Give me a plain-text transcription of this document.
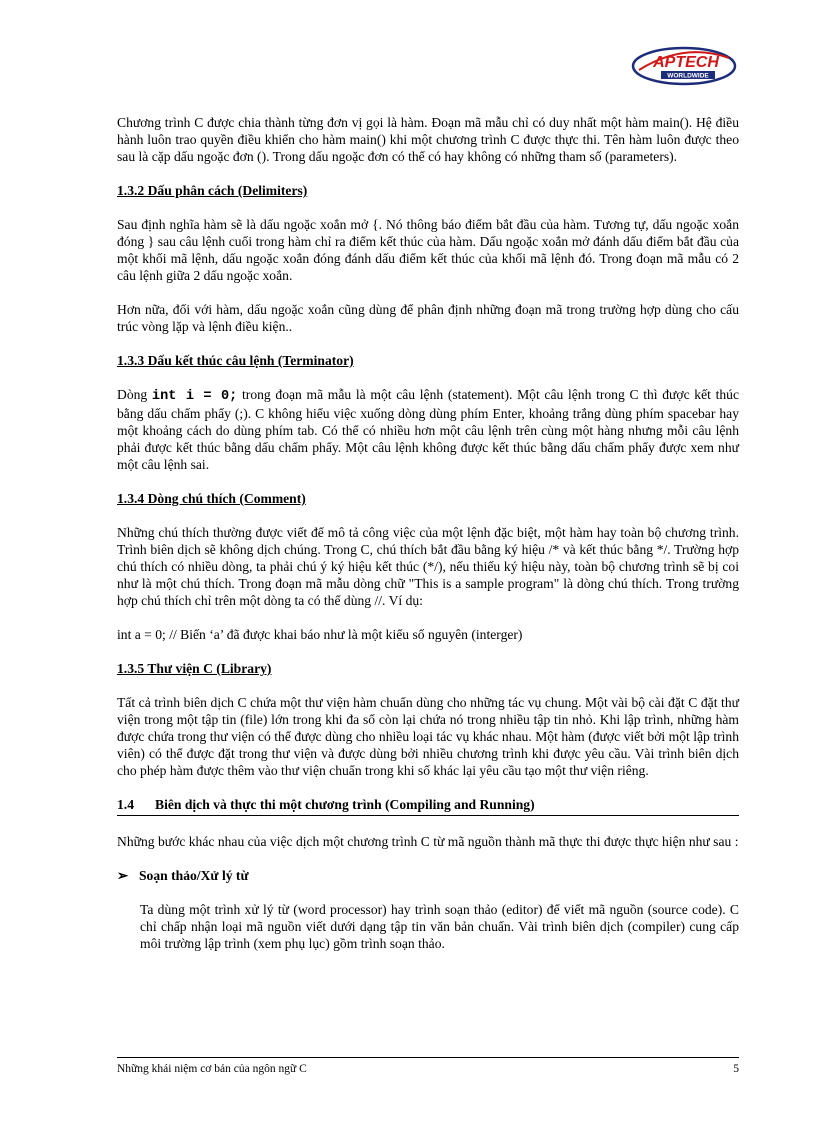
APTECH
WORLDWIDE

Chương trình C được chia thành từng đơn vị gọi là hàm. Đoạn mã mẫu chỉ có duy nhất một hàm main(). Hệ điều hành luôn trao quyền điều khiển cho hàm main() khi một chương trình C được thực thi. Tên hàm luôn được theo sau là cặp dấu ngoặc đơn (). Trong dấu ngoặc đơn có thể có hay không có những tham số (parameters).

1.3.2 Dấu phân cách (Delimiters)

Sau định nghĩa hàm sẽ là dấu ngoặc xoắn mở {. Nó thông báo điểm bắt đầu của hàm. Tương tự, dấu ngoặc xoắn đóng } sau câu lệnh cuối trong hàm chỉ ra điểm kết thúc của hàm. Dấu ngoặc xoắn mở đánh dấu điểm bắt đầu của một khối mã lệnh, dấu ngoặc xoắn đóng đánh dấu điểm kết thúc của khối mã lệnh đó. Trong đoạn mã mẫu có 2 câu lệnh giữa 2 dấu ngoặc xoắn.

Hơn nữa, đối với hàm, dấu ngoặc xoắn cũng dùng để phân định những đoạn mã trong trường hợp dùng cho cấu trúc vòng lặp và lệnh điều kiện..

1.3.3 Dấu kết thúc câu lệnh (Terminator)

Dòng int i = 0; trong đoạn mã mẫu là một câu lệnh (statement). Một câu lệnh trong C thì được kết thúc bằng dấu chấm phẩy (;). C không hiểu việc xuống dòng dùng phím Enter, khoảng trắng dùng phím spacebar hay một khoảng cách do dùng phím tab. Có thể có nhiều hơn một câu lệnh trên cùng một hàng nhưng mỗi câu lệnh phải được kết thúc bằng dấu chấm phẩy. Một câu lệnh không được kết thúc bằng dấu chấm phẩy được xem như một câu lệnh sai.

1.3.4 Dòng chú thích (Comment)

Những chú thích thường được viết để mô tả công việc của một lệnh đặc biệt, một hàm hay toàn bộ chương trình. Trình biên dịch sẽ không dịch chúng. Trong C, chú thích bắt đầu bằng ký hiệu /* và kết thúc bằng */. Trường hợp chú thích có nhiều dòng, ta phải chú ý ký hiệu kết thúc (*/), nếu thiếu ký hiệu này, toàn bộ chương trình sẽ bị coi như là một chú thích. Trong đoạn mã mẫu dòng chữ "This is a sample program" là dòng chú thích. Trong trường hợp chú thích chỉ trên một dòng ta có thể dùng //. Ví dụ:

int a = 0; // Biến ‘a’ đã được khai báo như là một kiểu số nguyên (interger)

1.3.5 Thư viện C (Library)

Tất cả trình biên dịch C chứa một thư viện hàm chuẩn dùng cho những tác vụ chung. Một vài bộ cài đặt C đặt thư viện trong một tập tin (file) lớn trong khi đa số còn lại chứa nó trong nhiều tập tin nhỏ. Khi lập trình, những hàm được chứa trong thư viện có thể được dùng cho nhiều loại tác vụ khác nhau. Một hàm (được viết bởi một lập trình viên) có thể được đặt trong thư viện và được dùng bởi nhiều chương trình khi được yêu cầu. Vài trình biên dịch cho phép hàm được thêm vào thư viện chuẩn trong khi số khác lại yêu cầu tạo một thư viện riêng.

1.4 Biên dịch và thực thi một chương trình (Compiling and Running)

Những bước khác nhau của việc dịch một chương trình C từ mã nguồn thành mã thực thi được thực hiện như sau :

➢ Soạn thảo/Xử lý từ

Ta dùng một trình xử lý từ (word processor) hay trình soạn thảo (editor) để viết mã nguồn (source code). C chỉ chấp nhận loại mã nguồn viết dưới dạng tập tin văn bản chuẩn. Vài trình biên dịch (compiler) cung cấp môi trường lập trình (xem phụ lục) gồm trình soạn thảo.

Những khái niệm cơ bản của ngôn ngữ C	5
